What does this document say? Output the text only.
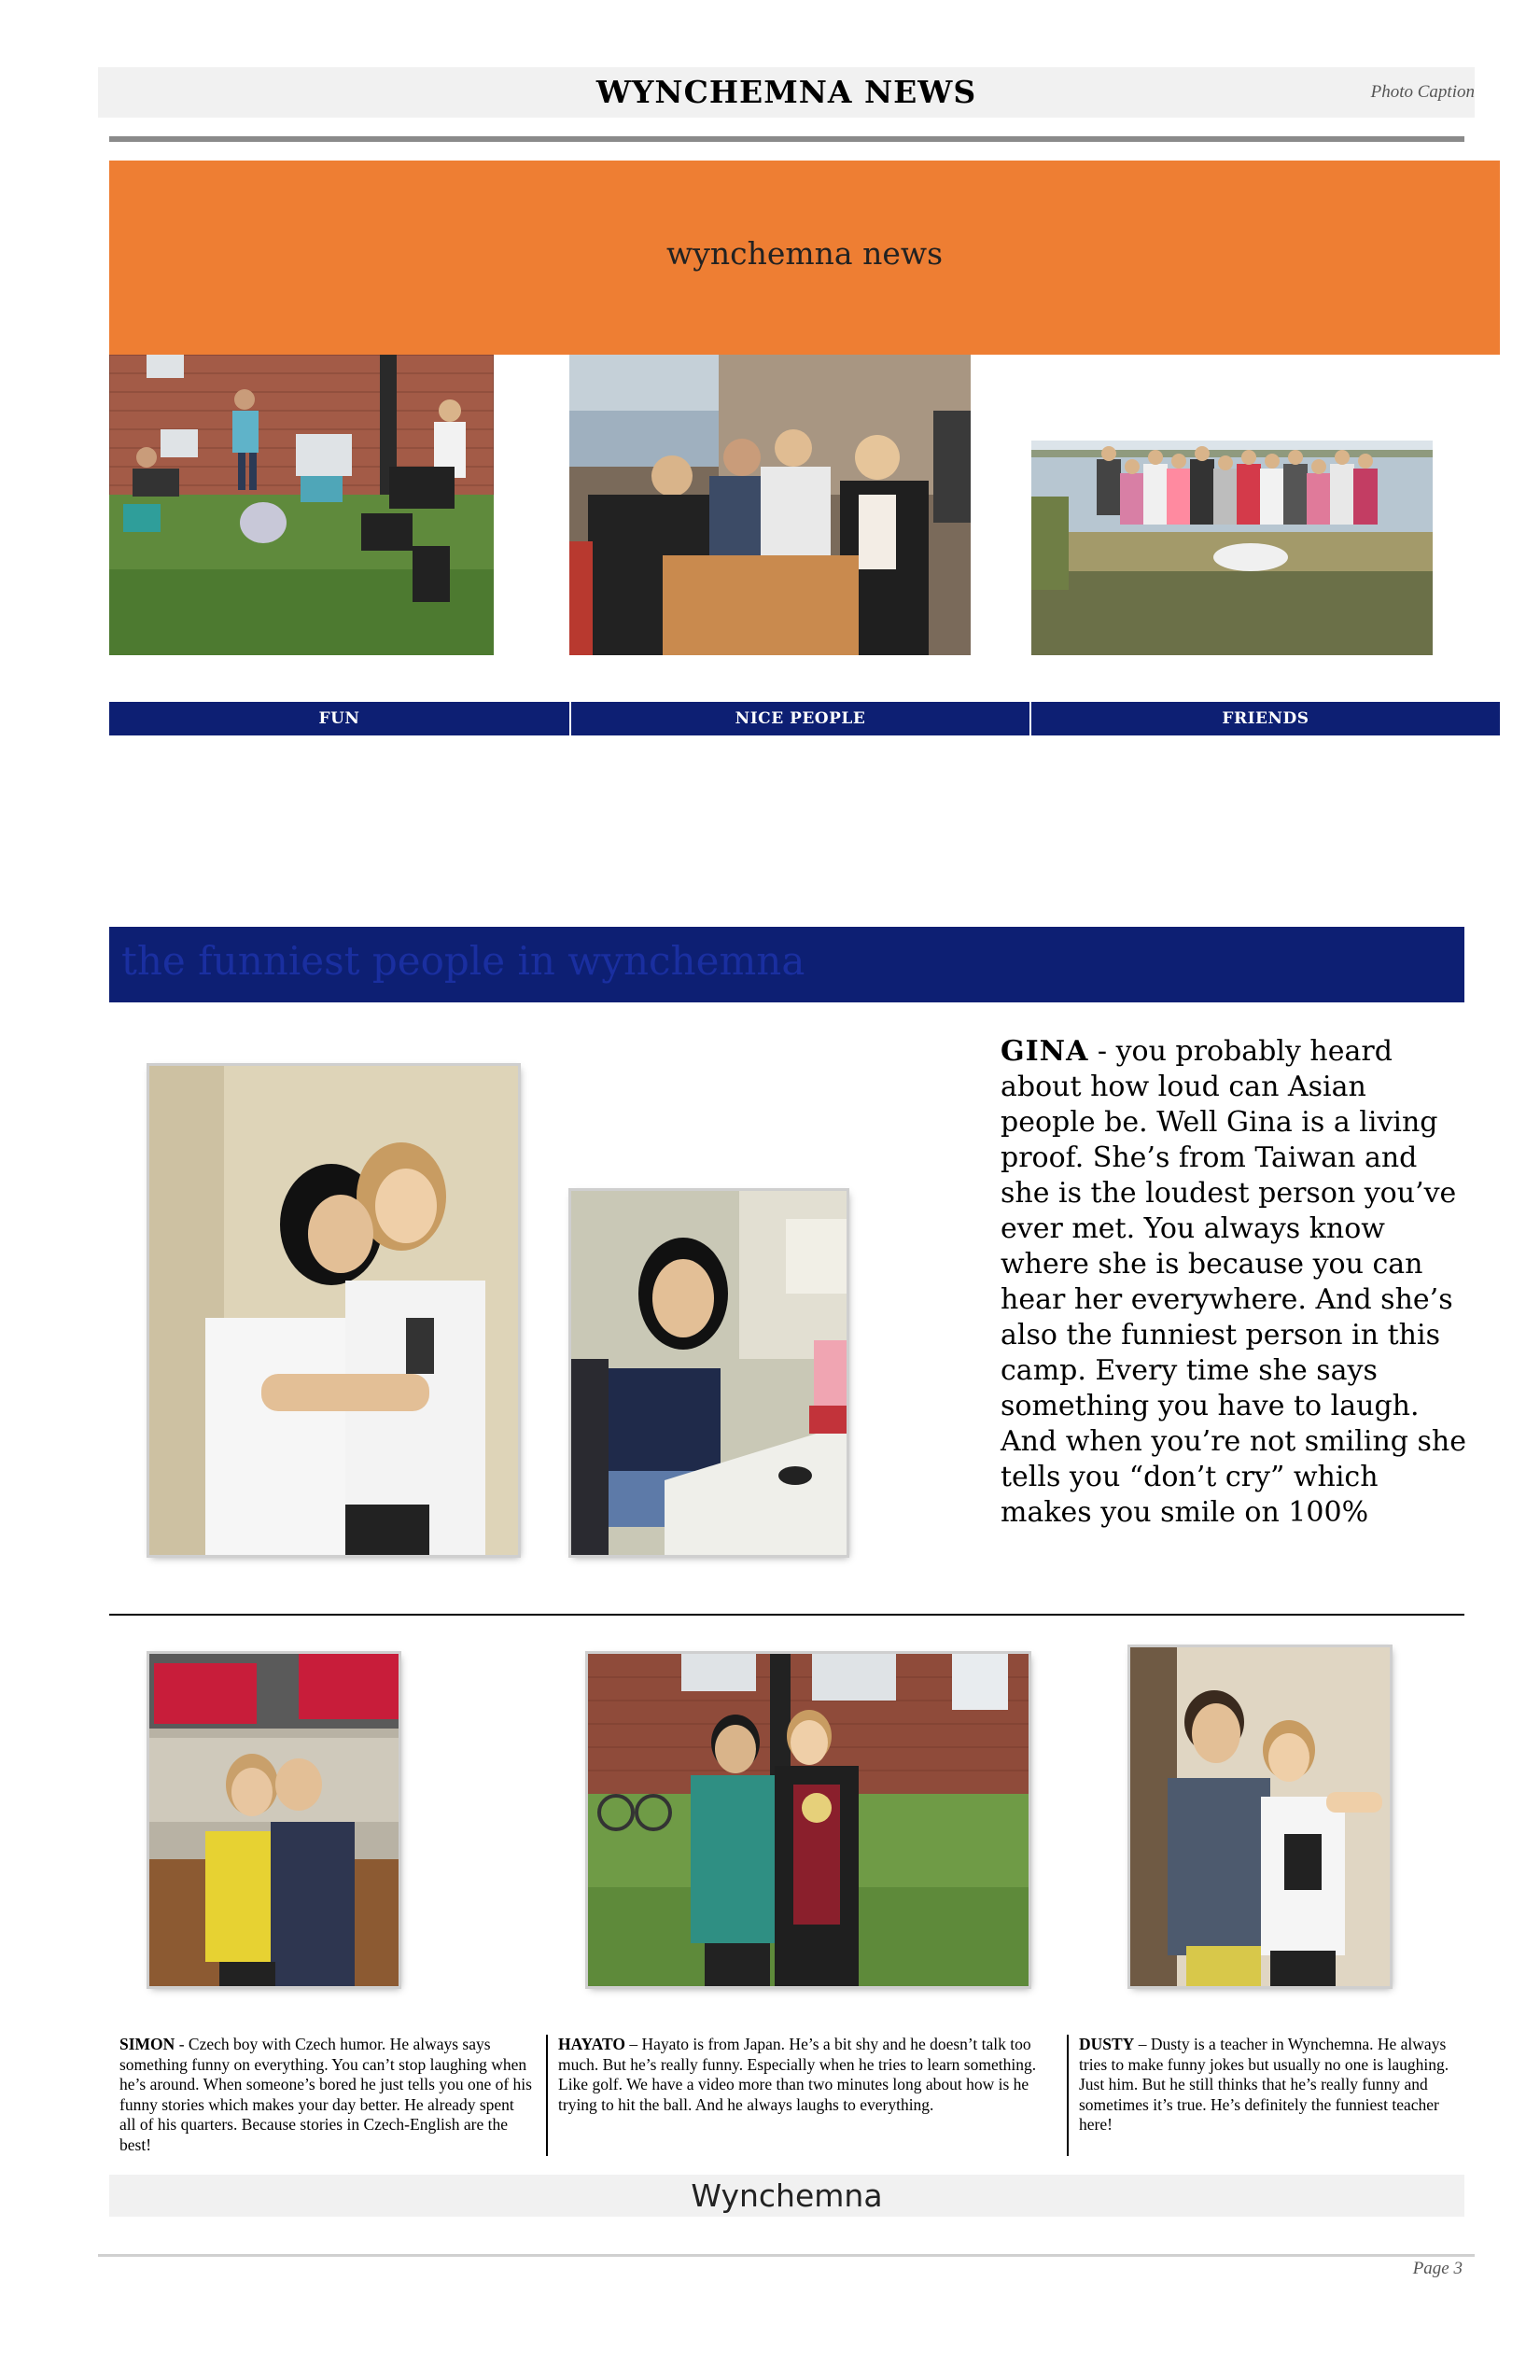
WYNCHEMNA NEWS	Photo Caption
wynchemna news
FUN	NICE PEOPLE	FRIENDS
the funniest people in wynchemna
GINA - you probably heard about how loud can Asian people be. Well Gina is a living proof. She’s from Taiwan and she is the loudest person you’ve ever met. You always know where she is because you can hear her everywhere. And she’s also the funniest person in this camp. Every time she says something you have to laugh. And when you’re not smiling she tells you “don’t cry” which makes you smile on 100%
SIMON - Czech boy with Czech humor. He always says something funny on everything. You can’t stop laughing when he’s around. When someone’s bored he just tells you one of his funny stories which makes your day better. He already spent all of his quarters. Because stories in Czech-English are the best!
HAYATO – Hayato is from Japan. He’s a bit shy and he doesn’t talk too much. But he’s really funny. Especially when he tries to learn something. Like golf. We have a video more than two minutes long about how is he trying to hit the ball. And he always laughs to everything.
DUSTY – Dusty is a teacher in Wynchemna. He always tries to make funny jokes but usually no one is laughing. Just him. But he still thinks that he’s really funny and sometimes it’s true. He’s definitely the funniest teacher here!
Wynchemna
Page 3
